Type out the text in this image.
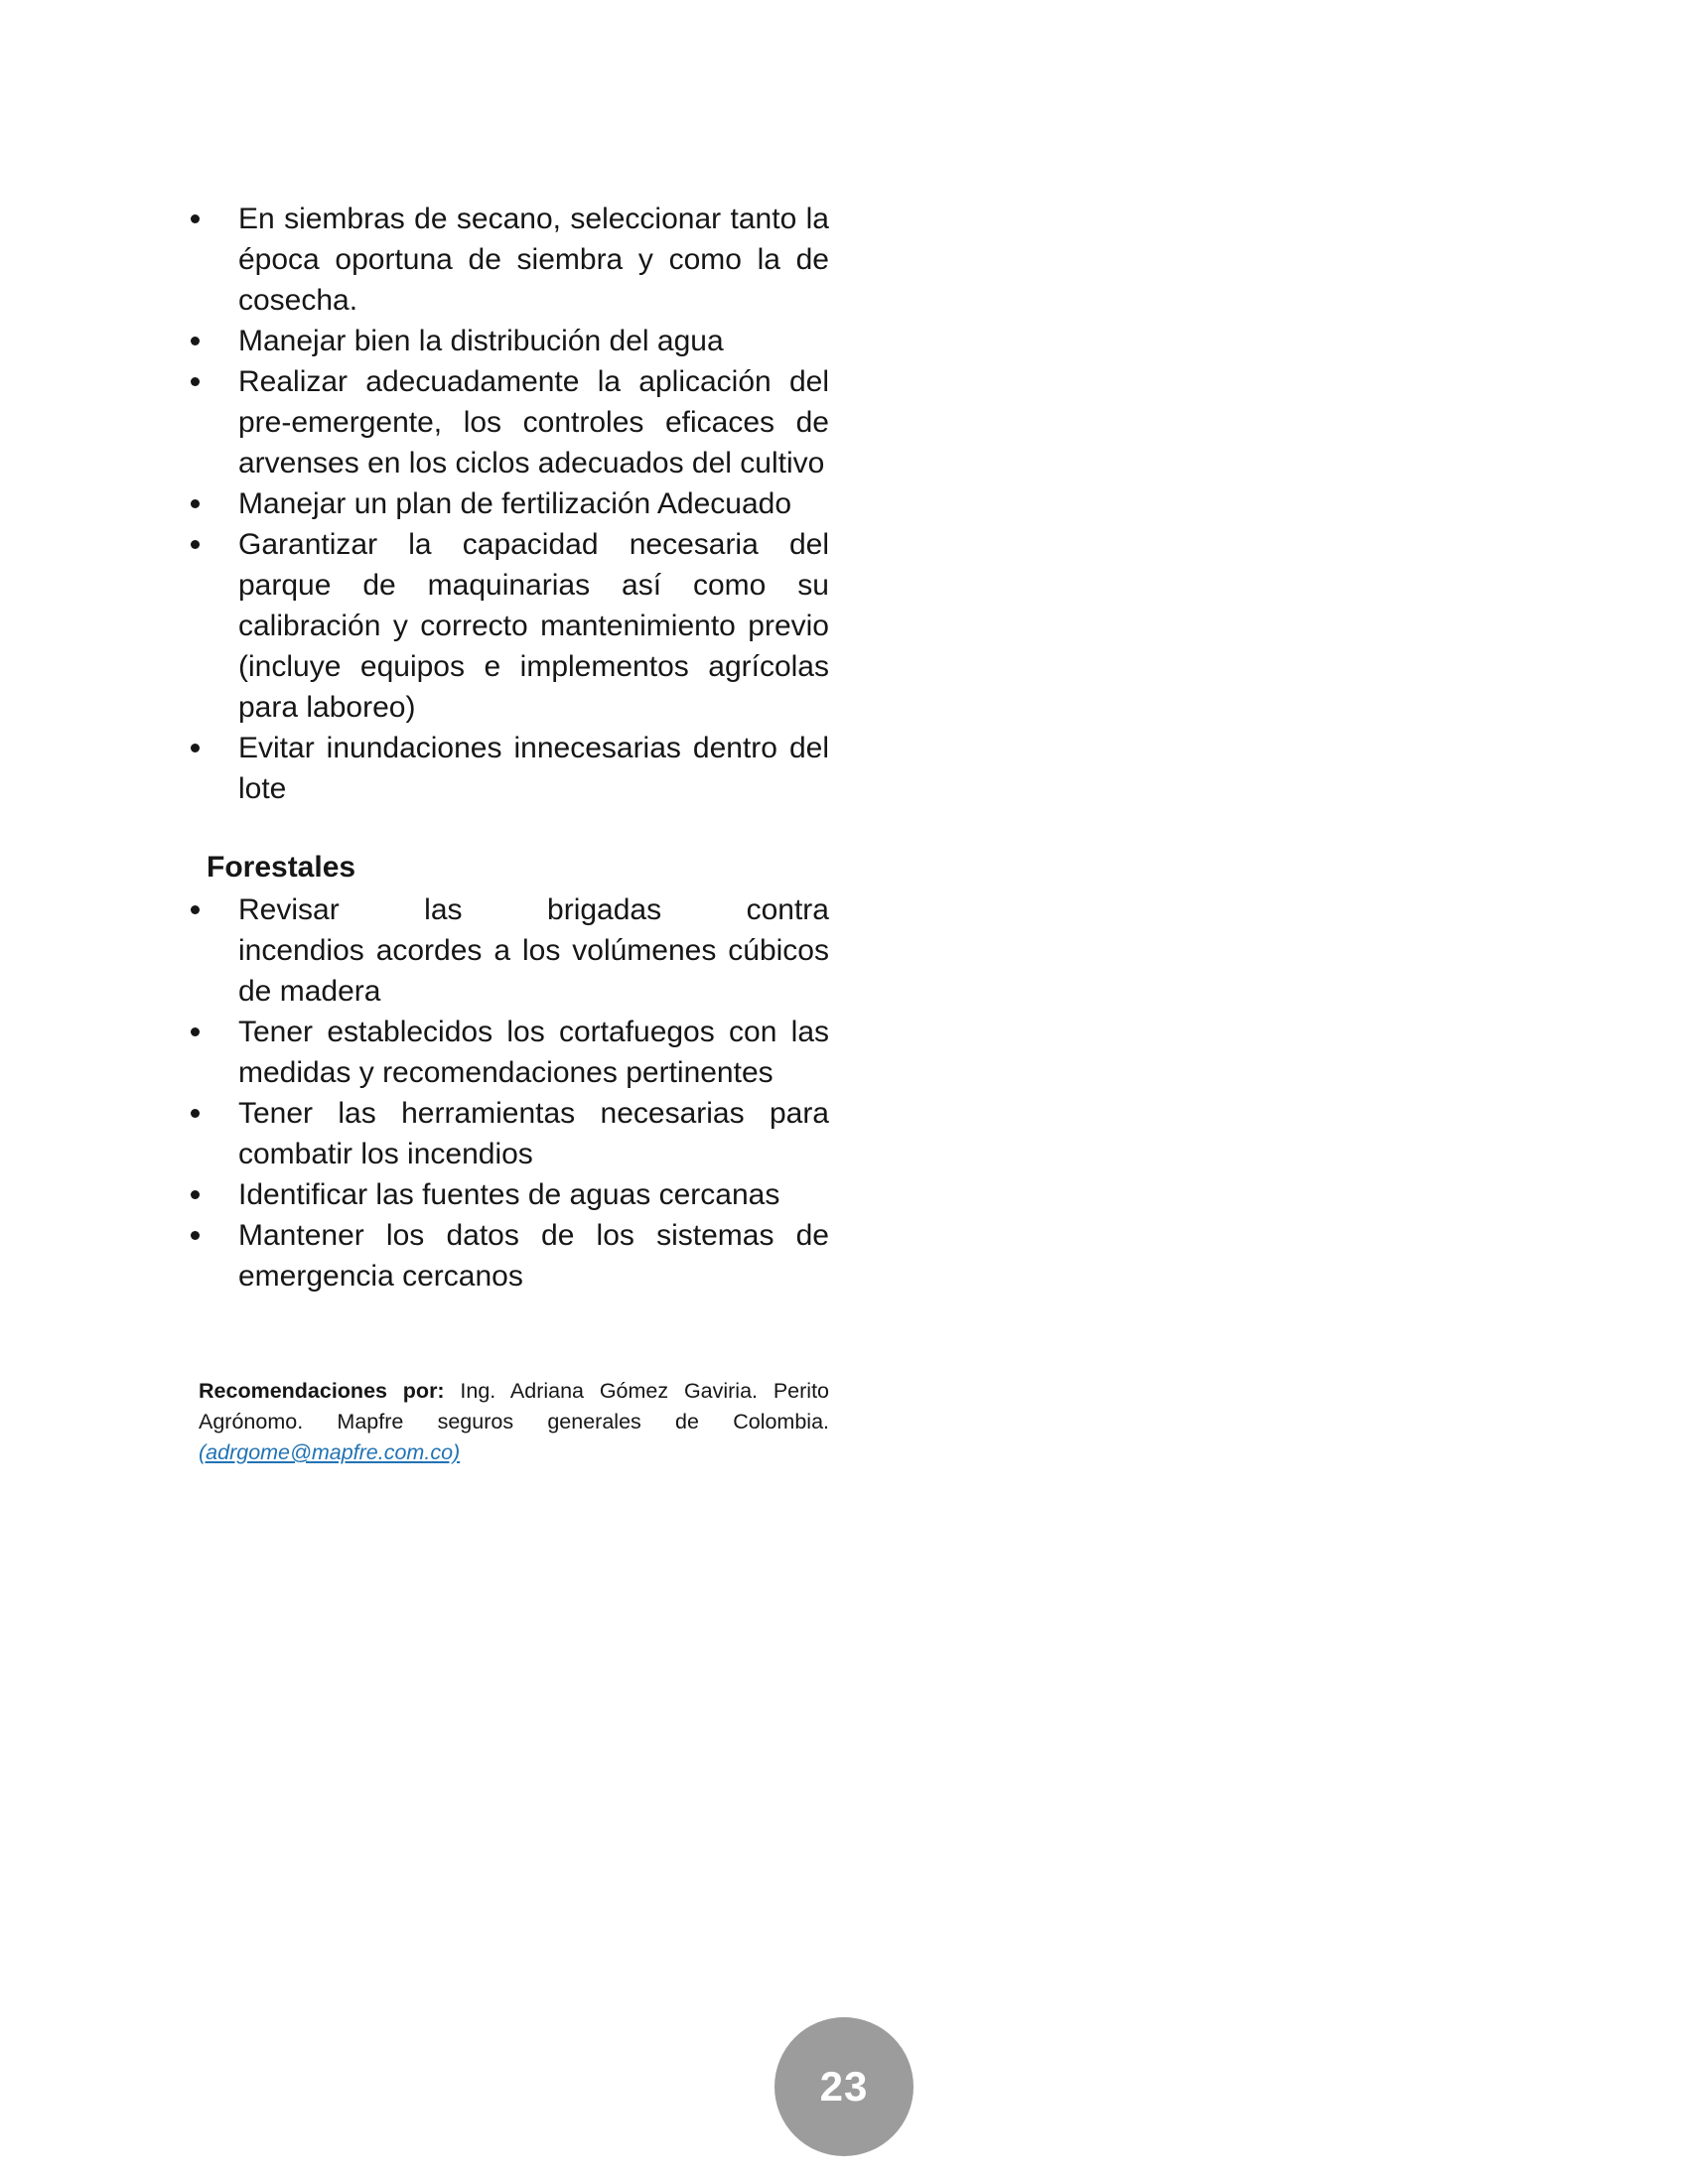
En siembras de secano, seleccionar tanto la época oportuna de siembra y como la de cosecha.
Manejar bien la distribución del agua
Realizar adecuadamente la aplicación del pre-emergente, los controles eficaces de arvenses en los ciclos adecuados del cultivo
Manejar un plan de fertilización Adecuado
Garantizar la capacidad necesaria del parque de maquinarias así como su calibración y correcto mantenimiento previo (incluye equipos e implementos agrícolas para laboreo)
Evitar inundaciones innecesarias dentro del lote
Forestales
Revisar las brigadas contra incendios acordes a los volúmenes cúbicos de madera
Tener establecidos los cortafuegos con las medidas y recomendaciones pertinentes
Tener las herramientas necesarias para combatir los incendios
Identificar las fuentes de aguas cercanas
Mantener los datos de los sistemas de emergencia cercanos

Recomendaciones por: Ing. Adriana Gómez Gaviria. Perito Agrónomo. Mapfre seguros generales de Colombia. (adrgome@mapfre.com.co)

23
